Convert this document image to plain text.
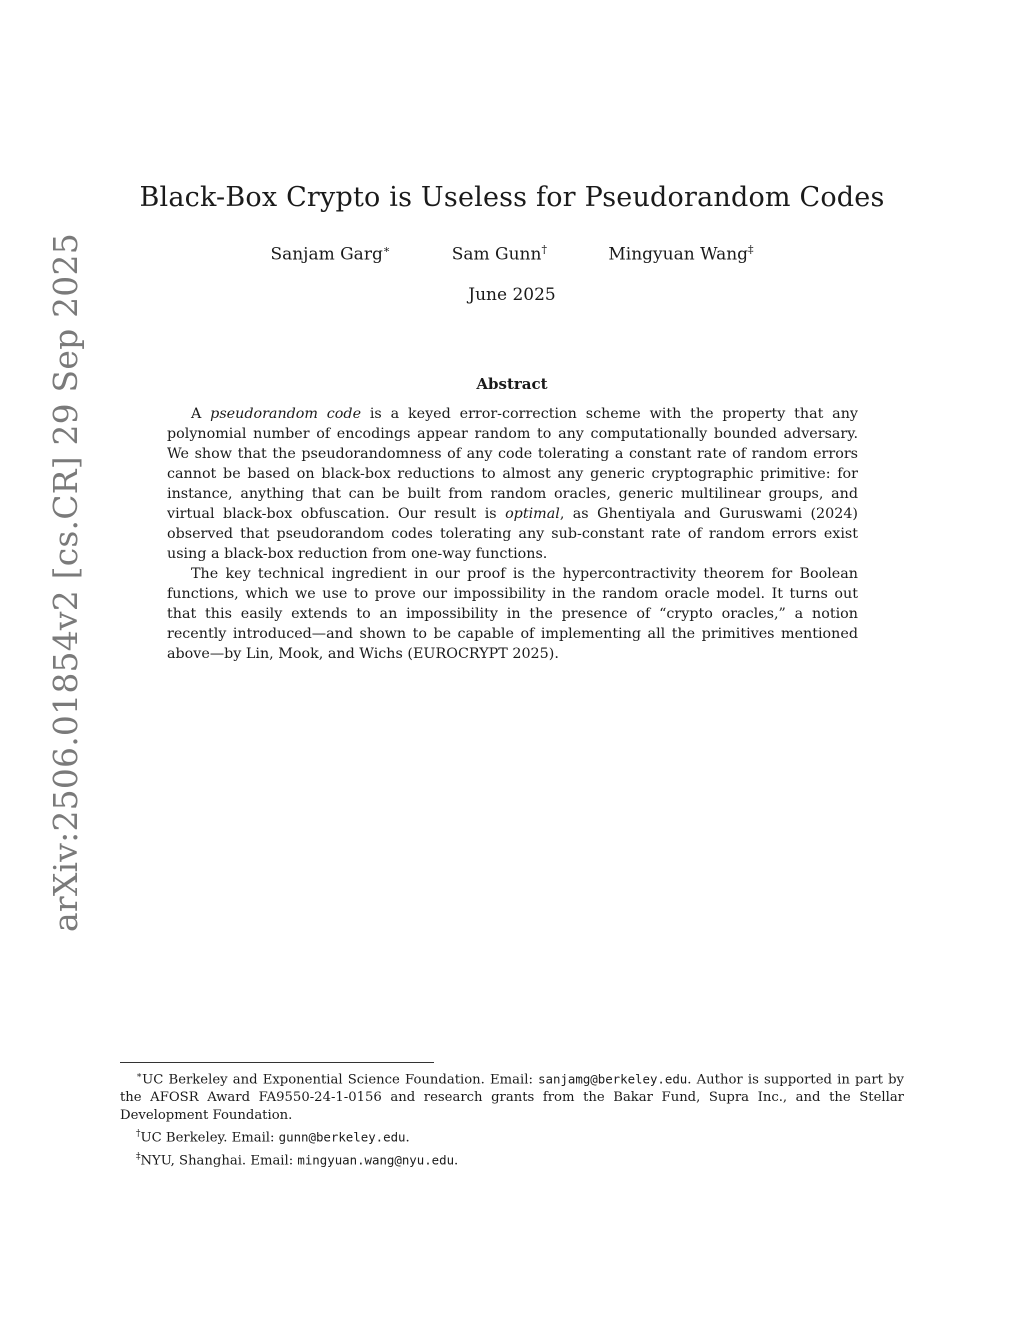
arXiv:2506.01854v2 [cs.CR] 29 Sep 2025
Black-Box Crypto is Useless for Pseudorandom Codes
Sanjam Garg∗	Sam Gunn†	Mingyuan Wang‡
June 2025
Abstract

A pseudorandom code is a keyed error-correction scheme with the property that any polynomial number of encodings appear random to any computationally bounded adversary. We show that the pseudorandomness of any code tolerating a constant rate of random errors cannot be based on black-box reductions to almost any generic cryptographic primitive: for instance, anything that can be built from random oracles, generic multilinear groups, and virtual black-box obfuscation. Our result is optimal, as Ghentiyala and Guruswami (2024) observed that pseudorandom codes tolerating any sub-constant rate of random errors exist using a black-box reduction from one-way functions.

The key technical ingredient in our proof is the hypercontractivity theorem for Boolean functions, which we use to prove our impossibility in the random oracle model. It turns out that this easily extends to an impossibility in the presence of “crypto oracles,” a notion recently introduced—and shown to be capable of implementing all the primitives mentioned above—by Lin, Mook, and Wichs (EUROCRYPT 2025).

∗UC Berkeley and Exponential Science Foundation. Email: sanjamg@berkeley.edu. Author is supported in part by the AFOSR Award FA9550-24-1-0156 and research grants from the Bakar Fund, Supra Inc., and the Stellar Development Foundation.

†UC Berkeley. Email: gunn@berkeley.edu.

‡NYU, Shanghai. Email: mingyuan.wang@nyu.edu.
